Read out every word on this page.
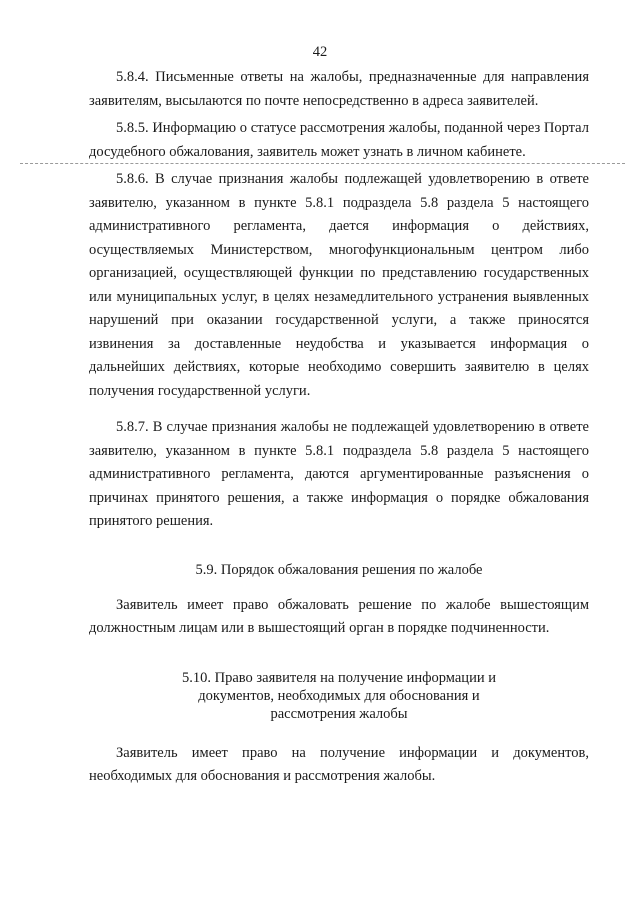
42

5.8.4. Письменные ответы на жалобы, предназначенные для направления заявителям, высылаются по почте непосредственно в адреса заявителей.

5.8.5. Информацию о статусе рассмотрения жалобы, поданной через Портал досудебного обжалования, заявитель может узнать в личном кабинете.

5.8.6. В случае признания жалобы подлежащей удовлетворению в ответе заявителю, указанном в пункте 5.8.1 подраздела 5.8 раздела 5 настоящего административного регламента, дается информация о действиях, осуществляемых Министерством, многофункциональным центром либо организацией, осуществляющей функции по представлению государственных или муниципальных услуг, в целях незамедлительного устранения выявленных нарушений при оказании государственной услуги, а также приносятся извинения за доставленные неудобства и указывается информация о дальнейших действиях, которые необходимо совершить заявителю в целях получения государственной услуги.

5.8.7. В случае признания жалобы не подлежащей удовлетворению в ответе заявителю, указанном в пункте 5.8.1 подраздела 5.8 раздела 5 настоящего административного регламента, даются аргументированные разъяснения о причинах принятого решения, а также информация о порядке обжалования принятого решения.

5.9. Порядок обжалования решения по жалобе

Заявитель имеет право обжаловать решение по жалобе вышестоящим должностным лицам или в вышестоящий орган в порядке подчиненности.

5.10. Право заявителя на получение информации и

документов, необходимых для обоснования и

рассмотрения жалобы

Заявитель имеет право на получение информации и документов, необходимых для обоснования и рассмотрения жалобы.
